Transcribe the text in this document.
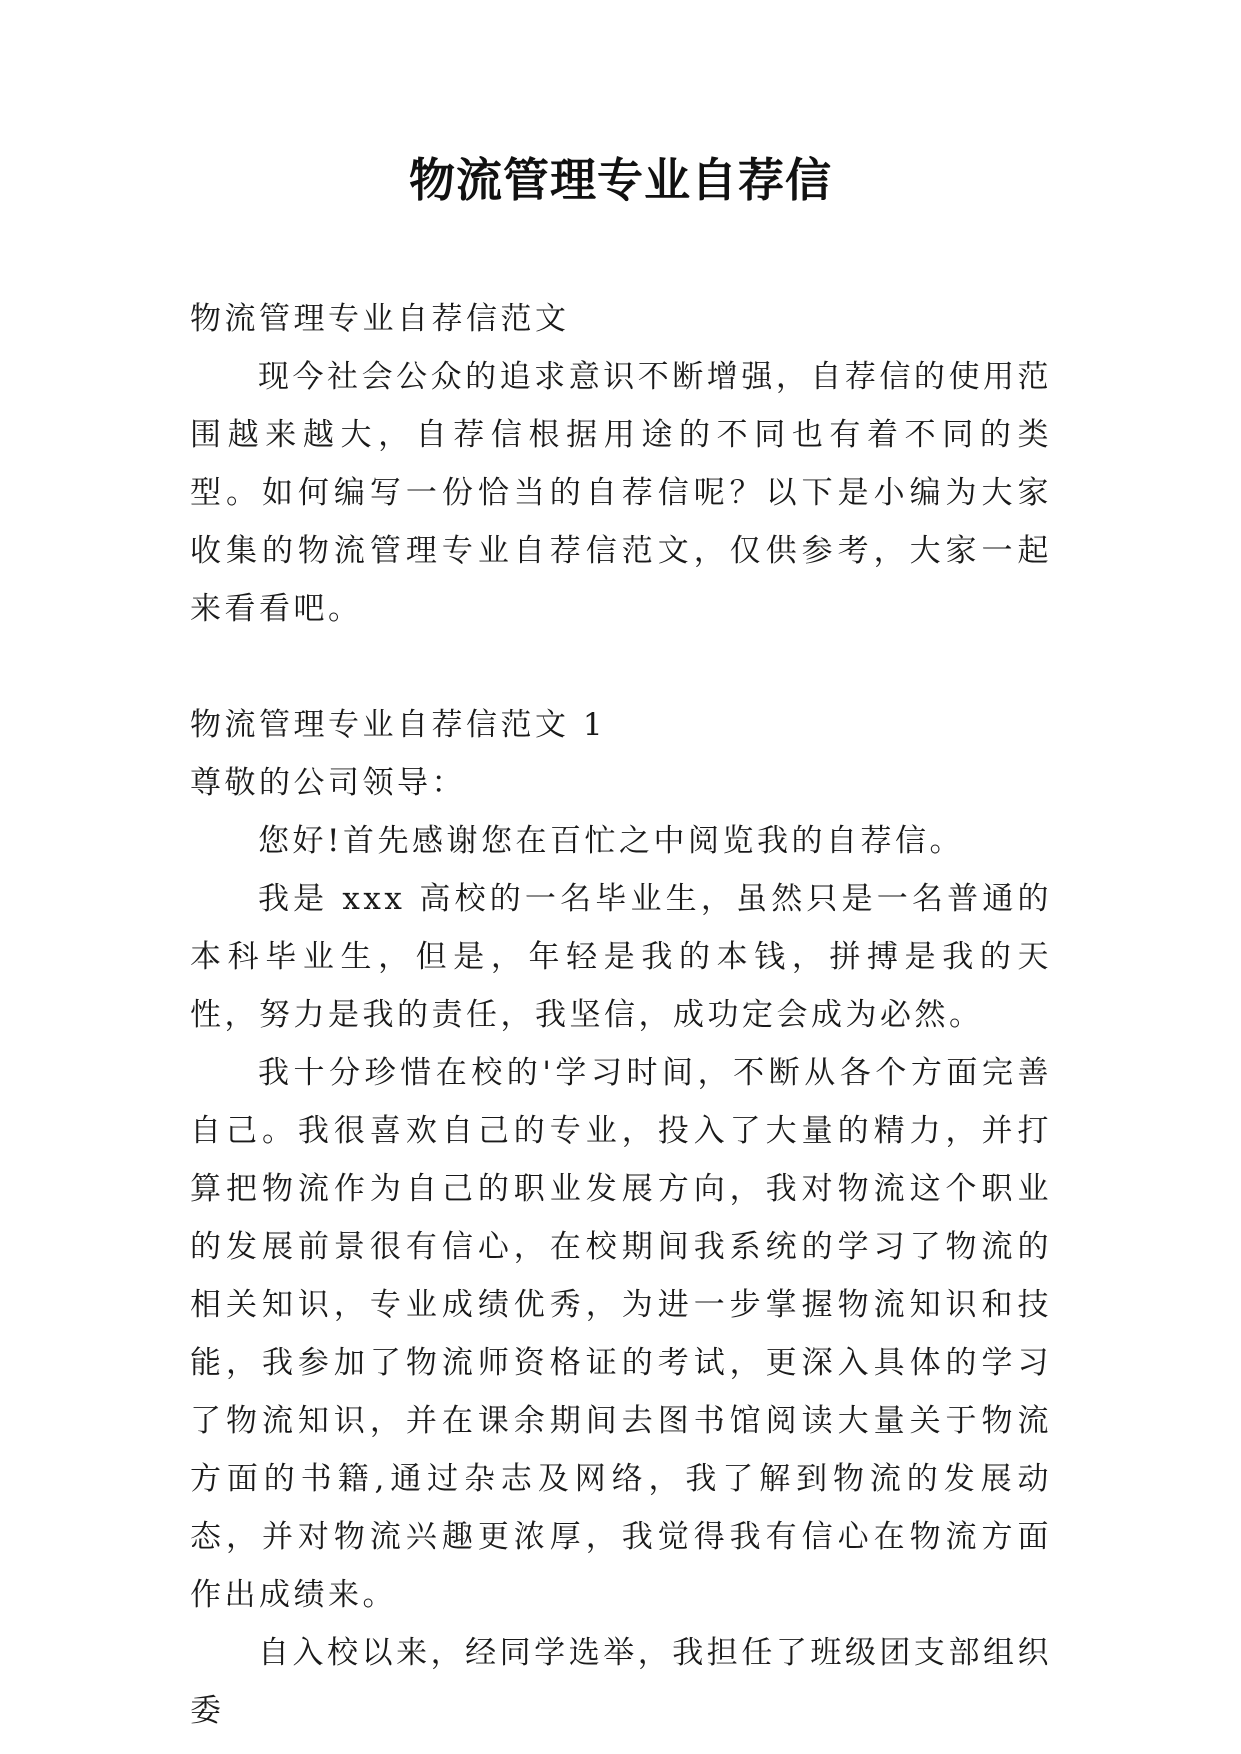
物流管理专业自荐信

物流管理专业自荐信范文

现今社会公众的追求意识不断增强，自荐信的使用范围越来越大，自荐信根据用途的不同也有着不同的类型。如何编写一份恰当的自荐信呢？以下是小编为大家收集的物流管理专业自荐信范文，仅供参考，大家一起来看看吧。

物流管理专业自荐信范文 1

尊敬的公司领导：

您好!首先感谢您在百忙之中阅览我的自荐信。

我是 xxx 高校的一名毕业生，虽然只是一名普通的本科毕业生，但是，年轻是我的本钱，拼搏是我的天性，努力是我的责任，我坚信，成功定会成为必然。

我十分珍惜在校的'学习时间，不断从各个方面完善自己。我很喜欢自己的专业，投入了大量的精力，并打算把物流作为自己的职业发展方向，我对物流这个职业的发展前景很有信心，在校期间我系统的学习了物流的相关知识，专业成绩优秀，为进一步掌握物流知识和技能，我参加了物流师资格证的考试，更深入具体的学习了物流知识，并在课余期间去图书馆阅读大量关于物流方面的书籍,通过杂志及网络，我了解到物流的发展动态，并对物流兴趣更浓厚，我觉得我有信心在物流方面作出成绩来。

自入校以来，经同学选举，我担任了班级团支部组织委
